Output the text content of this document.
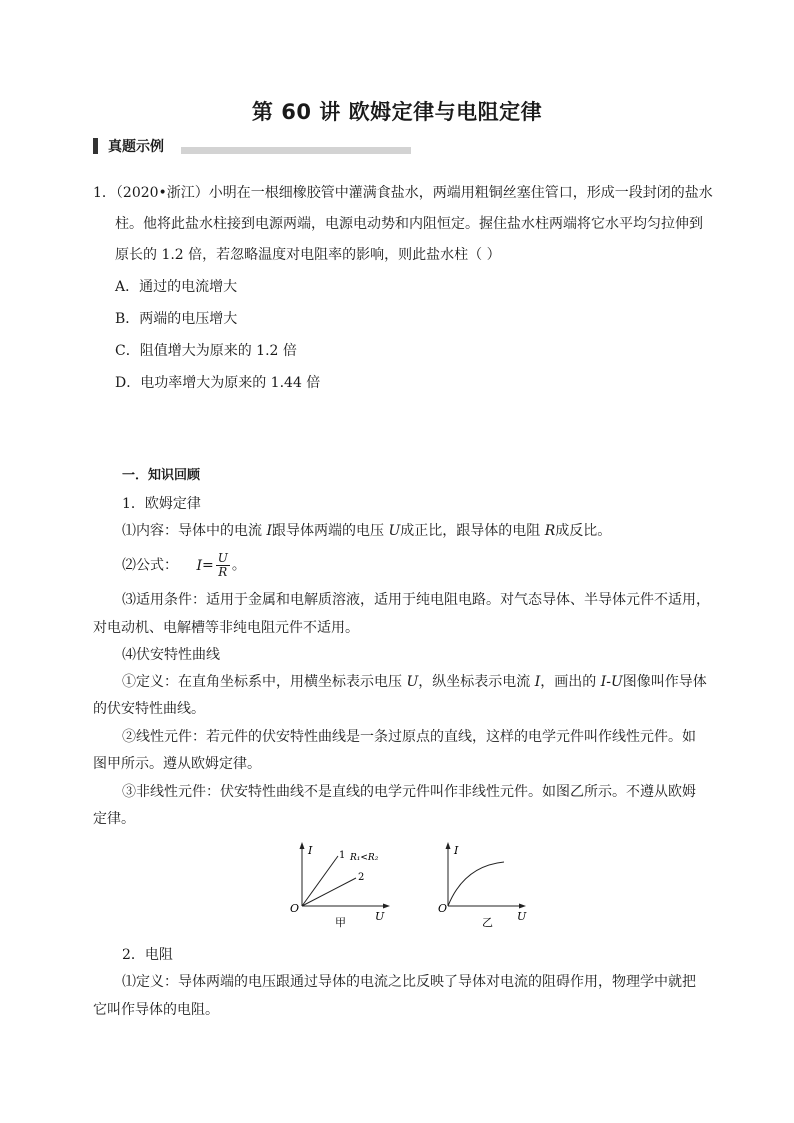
第 60 讲 欧姆定律与电阻定律
真题示例
1．（2020•浙江）小明在一根细橡胶管中灌满食盐水，两端用粗铜丝塞住管口，形成一段封闭的盐水
柱。他将此盐水柱接到电源两端，电源电动势和内阻恒定。握住盐水柱两端将它水平均匀拉伸到
原长的 1.2 倍，若忽略温度对电阻率的影响，则此盐水柱（ ）
A．通过的电流增大
B．两端的电压增大
C．阻值增大为原来的 1.2 倍
D．电功率增大为原来的 1.44 倍
一．知识回顾
1．欧姆定律
⑴内容：导体中的电流 I跟导体两端的电压 U成正比，跟导体的电阻 R成反比。
⑵公式： $I= \frac{U}{R}$ 。
⑶适用条件：适用于金属和电解质溶液，适用于纯电阻电路。对气态导体、半导体元件不适用，
对电动机、电解槽等非纯电阻元件不适用。
⑷伏安特性曲线
①定义：在直角坐标系中，用横坐标表示电压 U，纵坐标表示电流 I，画出的 I-U图像叫作导体
的伏安特性曲线。
②线性元件：若元件的伏安特性曲线是一条过原点的直线，这样的电学元件叫作线性元件。如
图甲所示。遵从欧姆定律。
③非线性元件：伏安特性曲线不是直线的电学元件叫作非线性元件。如图乙所示。不遵从欧姆
定律。
I
O
U
1
2
R₁<R₂
甲
I
O
U
乙
2．电阻
⑴定义：导体两端的电压跟通过导体的电流之比反映了导体对电流的阻碍作用，物理学中就把
它叫作导体的电阻。
